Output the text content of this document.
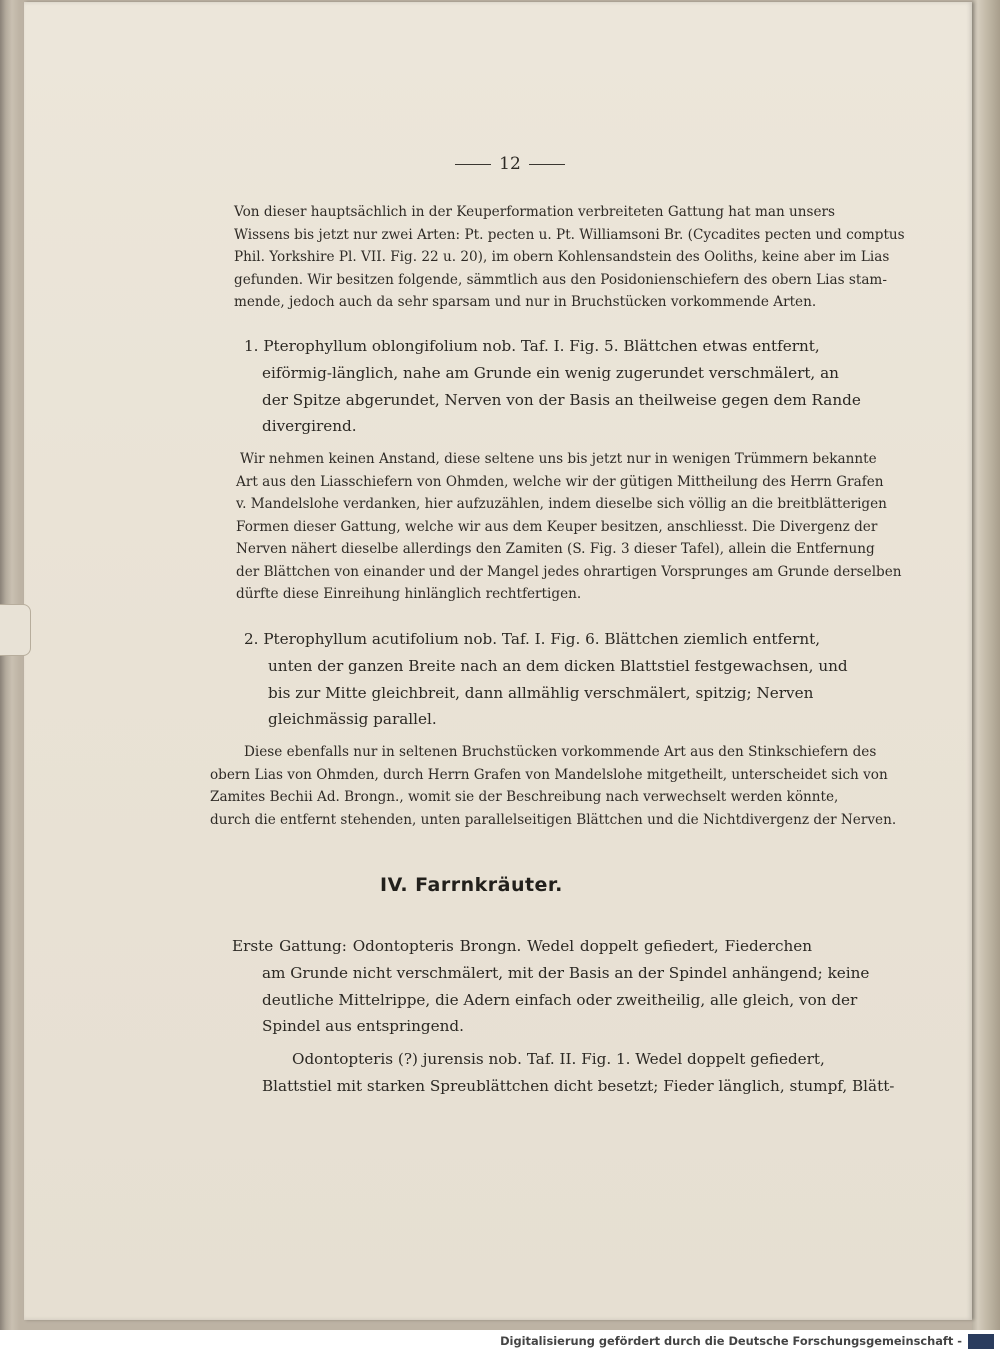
12
Von dieser hauptsächlich in der Keuperformation verbreiteten Gattung hat man unsers
Wissens bis jetzt nur zwei Arten: Pt. pecten u. Pt. Williamsoni Br. (Cycadites pecten und comptus
Phil. Yorkshire Pl. VII. Fig. 22 u. 20), im obern Kohlensandstein des Ooliths, keine aber im Lias
gefunden. Wir besitzen folgende, sämmtlich aus den Posidonienschiefern des obern Lias stam-
mende, jedoch auch da sehr sparsam und nur in Bruchstücken vorkommende Arten.
1. Pterophyllum oblongifolium nob. Taf. I. Fig. 5. Blättchen etwas entfernt,
eiförmig-länglich, nahe am Grunde ein wenig zugerundet verschmälert, an
der Spitze abgerundet, Nerven von der Basis an theilweise gegen dem Rande
divergirend.
Wir nehmen keinen Anstand, diese seltene uns bis jetzt nur in wenigen Trümmern bekannte
Art aus den Liasschiefern von Ohmden, welche wir der gütigen Mittheilung des Herrn Grafen
v. Mandelslohe verdanken, hier aufzuzählen, indem dieselbe sich völlig an die breitblätterigen
Formen dieser Gattung, welche wir aus dem Keuper besitzen, anschliesst. Die Divergenz der
Nerven nähert dieselbe allerdings den Zamiten (S. Fig. 3 dieser Tafel), allein die Entfernung
der Blättchen von einander und der Mangel jedes ohrartigen Vorsprunges am Grunde derselben
dürfte diese Einreihung hinlänglich rechtfertigen.
2. Pterophyllum acutifolium nob. Taf. I. Fig. 6. Blättchen ziemlich entfernt,
unten der ganzen Breite nach an dem dicken Blattstiel festgewachsen, und
bis zur Mitte gleichbreit, dann allmählig verschmälert, spitzig; Nerven
gleichmässig parallel.
Diese ebenfalls nur in seltenen Bruchstücken vorkommende Art aus den Stinkschiefern des
obern Lias von Ohmden, durch Herrn Grafen von Mandelslohe mitgetheilt, unterscheidet sich von
Zamites Bechii Ad. Brongn., womit sie der Beschreibung nach verwechselt werden könnte,
durch die entfernt stehenden, unten parallelseitigen Blättchen und die Nichtdivergenz der Nerven.
IV. Farrnkräuter.
Erste Gattung: Odontopteris Brongn. Wedel doppelt gefiedert, Fiederchen
am Grunde nicht verschmälert, mit der Basis an der Spindel anhängend; keine
deutliche Mittelrippe, die Adern einfach oder zweitheilig, alle gleich, von der
Spindel aus entspringend.
Odontopteris (?) jurensis nob. Taf. II. Fig. 1. Wedel doppelt gefiedert,
Blattstiel mit starken Spreublättchen dicht besetzt; Fieder länglich, stumpf, Blätt-
Digitalisierung gefördert durch die Deutsche Forschungsgemeinschaft -
